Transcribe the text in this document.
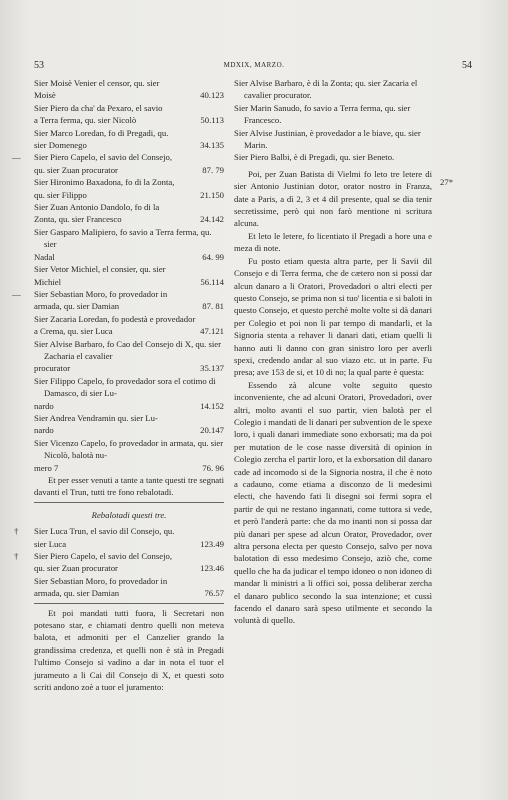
53	MDXIX, MARZO.	54
Sier Moisè Venier el censor, qu. sier
Moisè	40.123
Sier Piero da cha' da Pexaro, el savio
a Terra ferma, qu. sier Nicolò	50.113
Sier Marco Loredan, fo di Pregadi, qu.
sier Domenego	34.135
— Sier Piero Capelo, el savio del Consejo,
qu. sier Zuan procurator	87. 79
Sier Hironimo Baxadona, fo di la Zonta,
qu. sier Filippo	21.150
Sier Zuan Antonio Dandolo, fo di la
Zonta, qu. sier Francesco	24.142
Sier Gasparo Malipiero, fo savio a Terra ferma, qu. sier
Nadal	64. 99
Sier Vetor Michiel, el consier, qu. sier
Michiel	56.114
— Sier Sebastian Moro, fo provedador in
armada, qu. sier Damian	87. 81
Sier Zacaria Loredan, fo podestà e provedador
a Crema, qu. sier Luca	47.121
Sier Alvise Barbaro, fo Cao del Consejo di X, qu. sier Zacharia el cavalier
procurator	35.137
Sier Filippo Capelo, fo provedador sora el cotimo di Damasco, di sier Lu-
nardo	14.152
Sier Andrea Vendramin qu. sier Lu-
nardo	20.147
Sier Vicenzo Capelo, fo provedador in armata, qu. sier Nicolò, balotà nu-
mero 7	76. 96

Et per esser venuti a tante a tante questi tre segnati davanti el Trun, tutti tre fono rebalotadi.

Rebalotadi questi tre.

†	Sier Luca Trun, el savio dil Consejo, qu.
sier Luca	123.49
†	Sier Piero Capelo, el savio del Consejo,
qu. sier Zuan procurator	123.46
Sier Sebastian Moro, fo provedador in
armada, qu. sier Damian	76.57

Et poi mandati tutti fuora, li Secretari non potesano star, e chiamati dentro quelli non meteva balota, et admoniti per el Canzelier grando la grandissima credenza, et quelli non è stà in Pregadi l'ultimo Consejo si vadino a dar in nota el tuor el jurameuto a li Cai dil Consejo di X, et questi soto scriti andono zoè a tuor el juramento:

Sier Alvise Barbaro, è di la Zonta; qu. sier Zacaria el cavalier procurator.

Sier Marin Sanudo, fo savio a Terra ferma, qu. sier Francesco.

Sier Alvise Justinian, è provedador a le biave, qu. sier Marin.

Sier Piero Balbi, è di Pregadi, qu. sier Beneto.

Poi, per Zuan Batista di Vielmi fo leto tre letere di sier Antonio Justinian dotor, orator nostro in Franza, date a Paris, a dì 2, 3 et 4 dil presente, qual se dia tenir secretissime, però qui non farò mentione ni scritura alcuna.

Et leto le letere, fo licentiato il Pregadi a hore una e meza di note.

Fu posto etiam questa altra parte, per li Savii dil Consejo e di Terra ferma, che de cætero non si possi dar alcun danaro a li Oratori, Provedadori o altri electi per questo Consejo, se prima non si tuo' licentia e si baloti in questo Consejo, et questo perchè molte volte si dà danari per Colegio et poi non li par tempo di mandarli, et la Signoria stenta a rehaver li danari dati, etiam quelli li hanno auti li danno con gran sinistro loro per averli spexi, credendo andar al suo viazo etc. ut in parte. Fu presa; ave 153 de si, et 10 di no; la qual parte è questa:

Essendo zà alcune volte seguito questo inconveniente, che ad alcuni Oratori, Provedadori, over altri, molto avanti el suo partir, vien balotà per el Colegio i mandati de li danari per subvention de le spexe loro, i quali danari immediate sono exborsati; ma da poi per mutation de le cose nasse diversità di opinion in Colegio zercha el partir loro, et la exborsation dil danaro cade ad incomodo si de la Signoria nostra, il che è noto a cadauno, come etiama a disconzo de li medesimi electi, che havendo fati li disegni soi fermi sopra el partir de qui ne restano ingannati, come tuttora si vede, et però l'anderà parte: che da mo inanti non si possa dar più danari per spese ad alcun Orator, Provedador, over altra persona electa per questo Consejo, salvo per nova balotation di esso medesimo Consejo, aziò che, come quello che ha da judicar el tempo idoneo o non idoneo di mandar li ministri a li offici soi, possa deliberar zercha el danaro publico secondo la sua intenzione; et cussì facendo el danaro sarà speso utilmente et secondo la voluntà di quello.

27*
